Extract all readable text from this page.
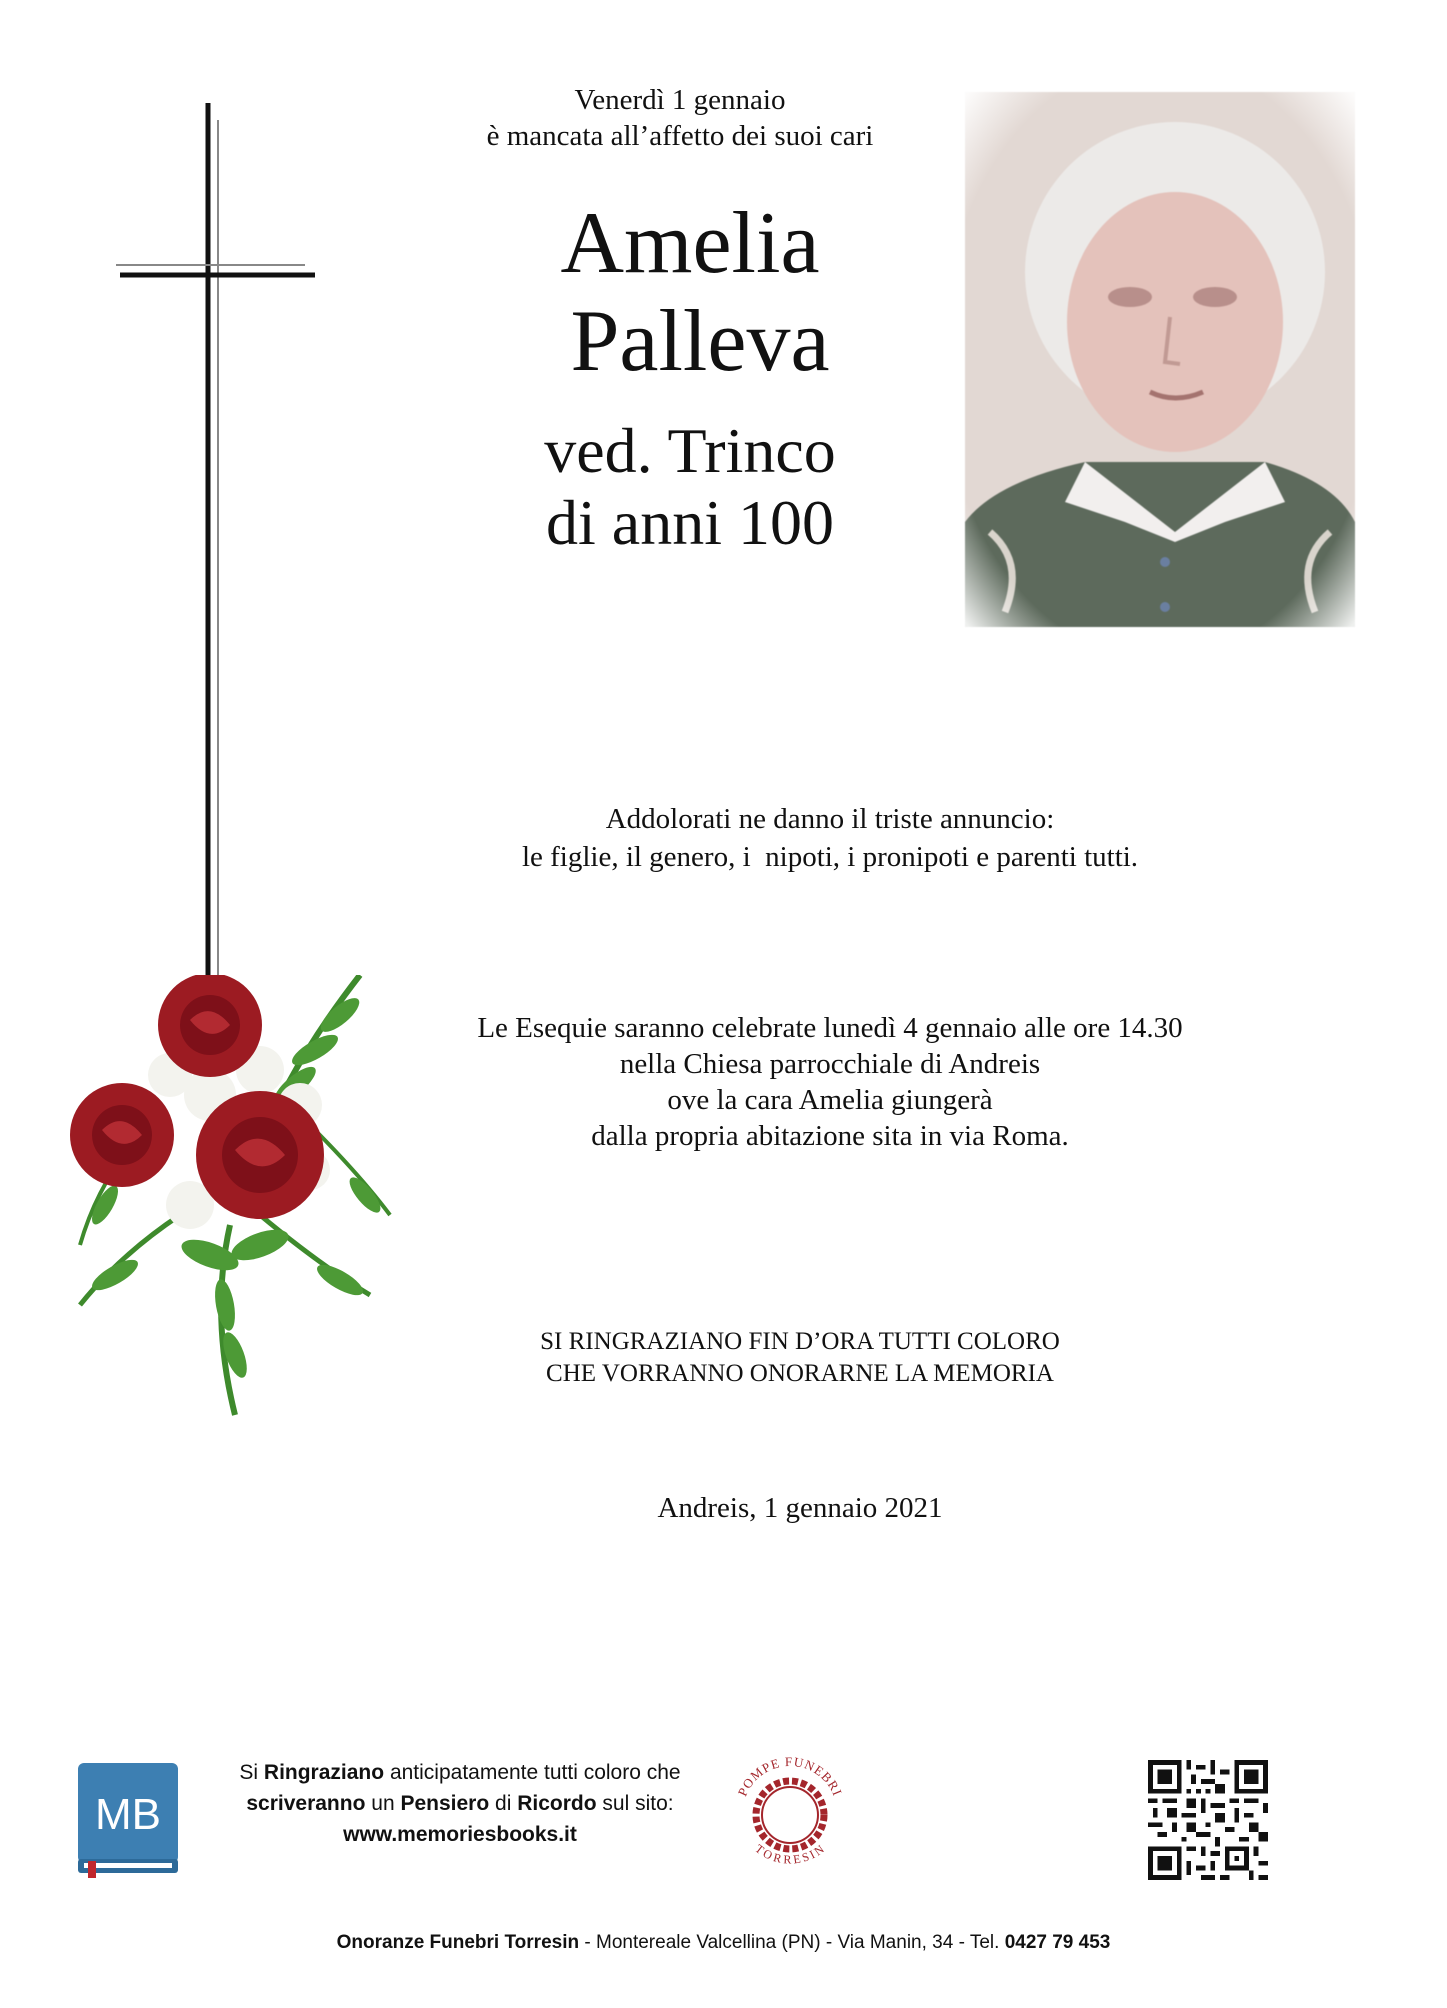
Venerdì 1 gennaio
è mancata all’affetto dei suoi cari
Amelia
Palleva
ved. Trinco
di anni 100
Addolorati ne danno il triste annuncio:
le figlie, il genero, i  nipoti, i pronipoti e parenti tutti.
Le Esequie saranno celebrate lunedì 4 gennaio alle ore 14.30
nella Chiesa parrocchiale di Andreis
ove la cara Amelia giungerà
dalla propria abitazione sita in via Roma.
SI RINGRAZIANO FIN D’ORA TUTTI COLORO
CHE VORRANNO ONORARNE LA MEMORIA
Andreis, 1 gennaio 2021
MB
Si Ringraziano anticipatamente tutti coloro che
scriveranno un Pensiero di Ricordo sul sito:
www.memoriesbooks.it
POMPE FUNEBRI
TORRESIN
Onoranze Funebri Torresin - Montereale Valcellina (PN) - Via Manin, 34 - Tel. 0427 79 453
